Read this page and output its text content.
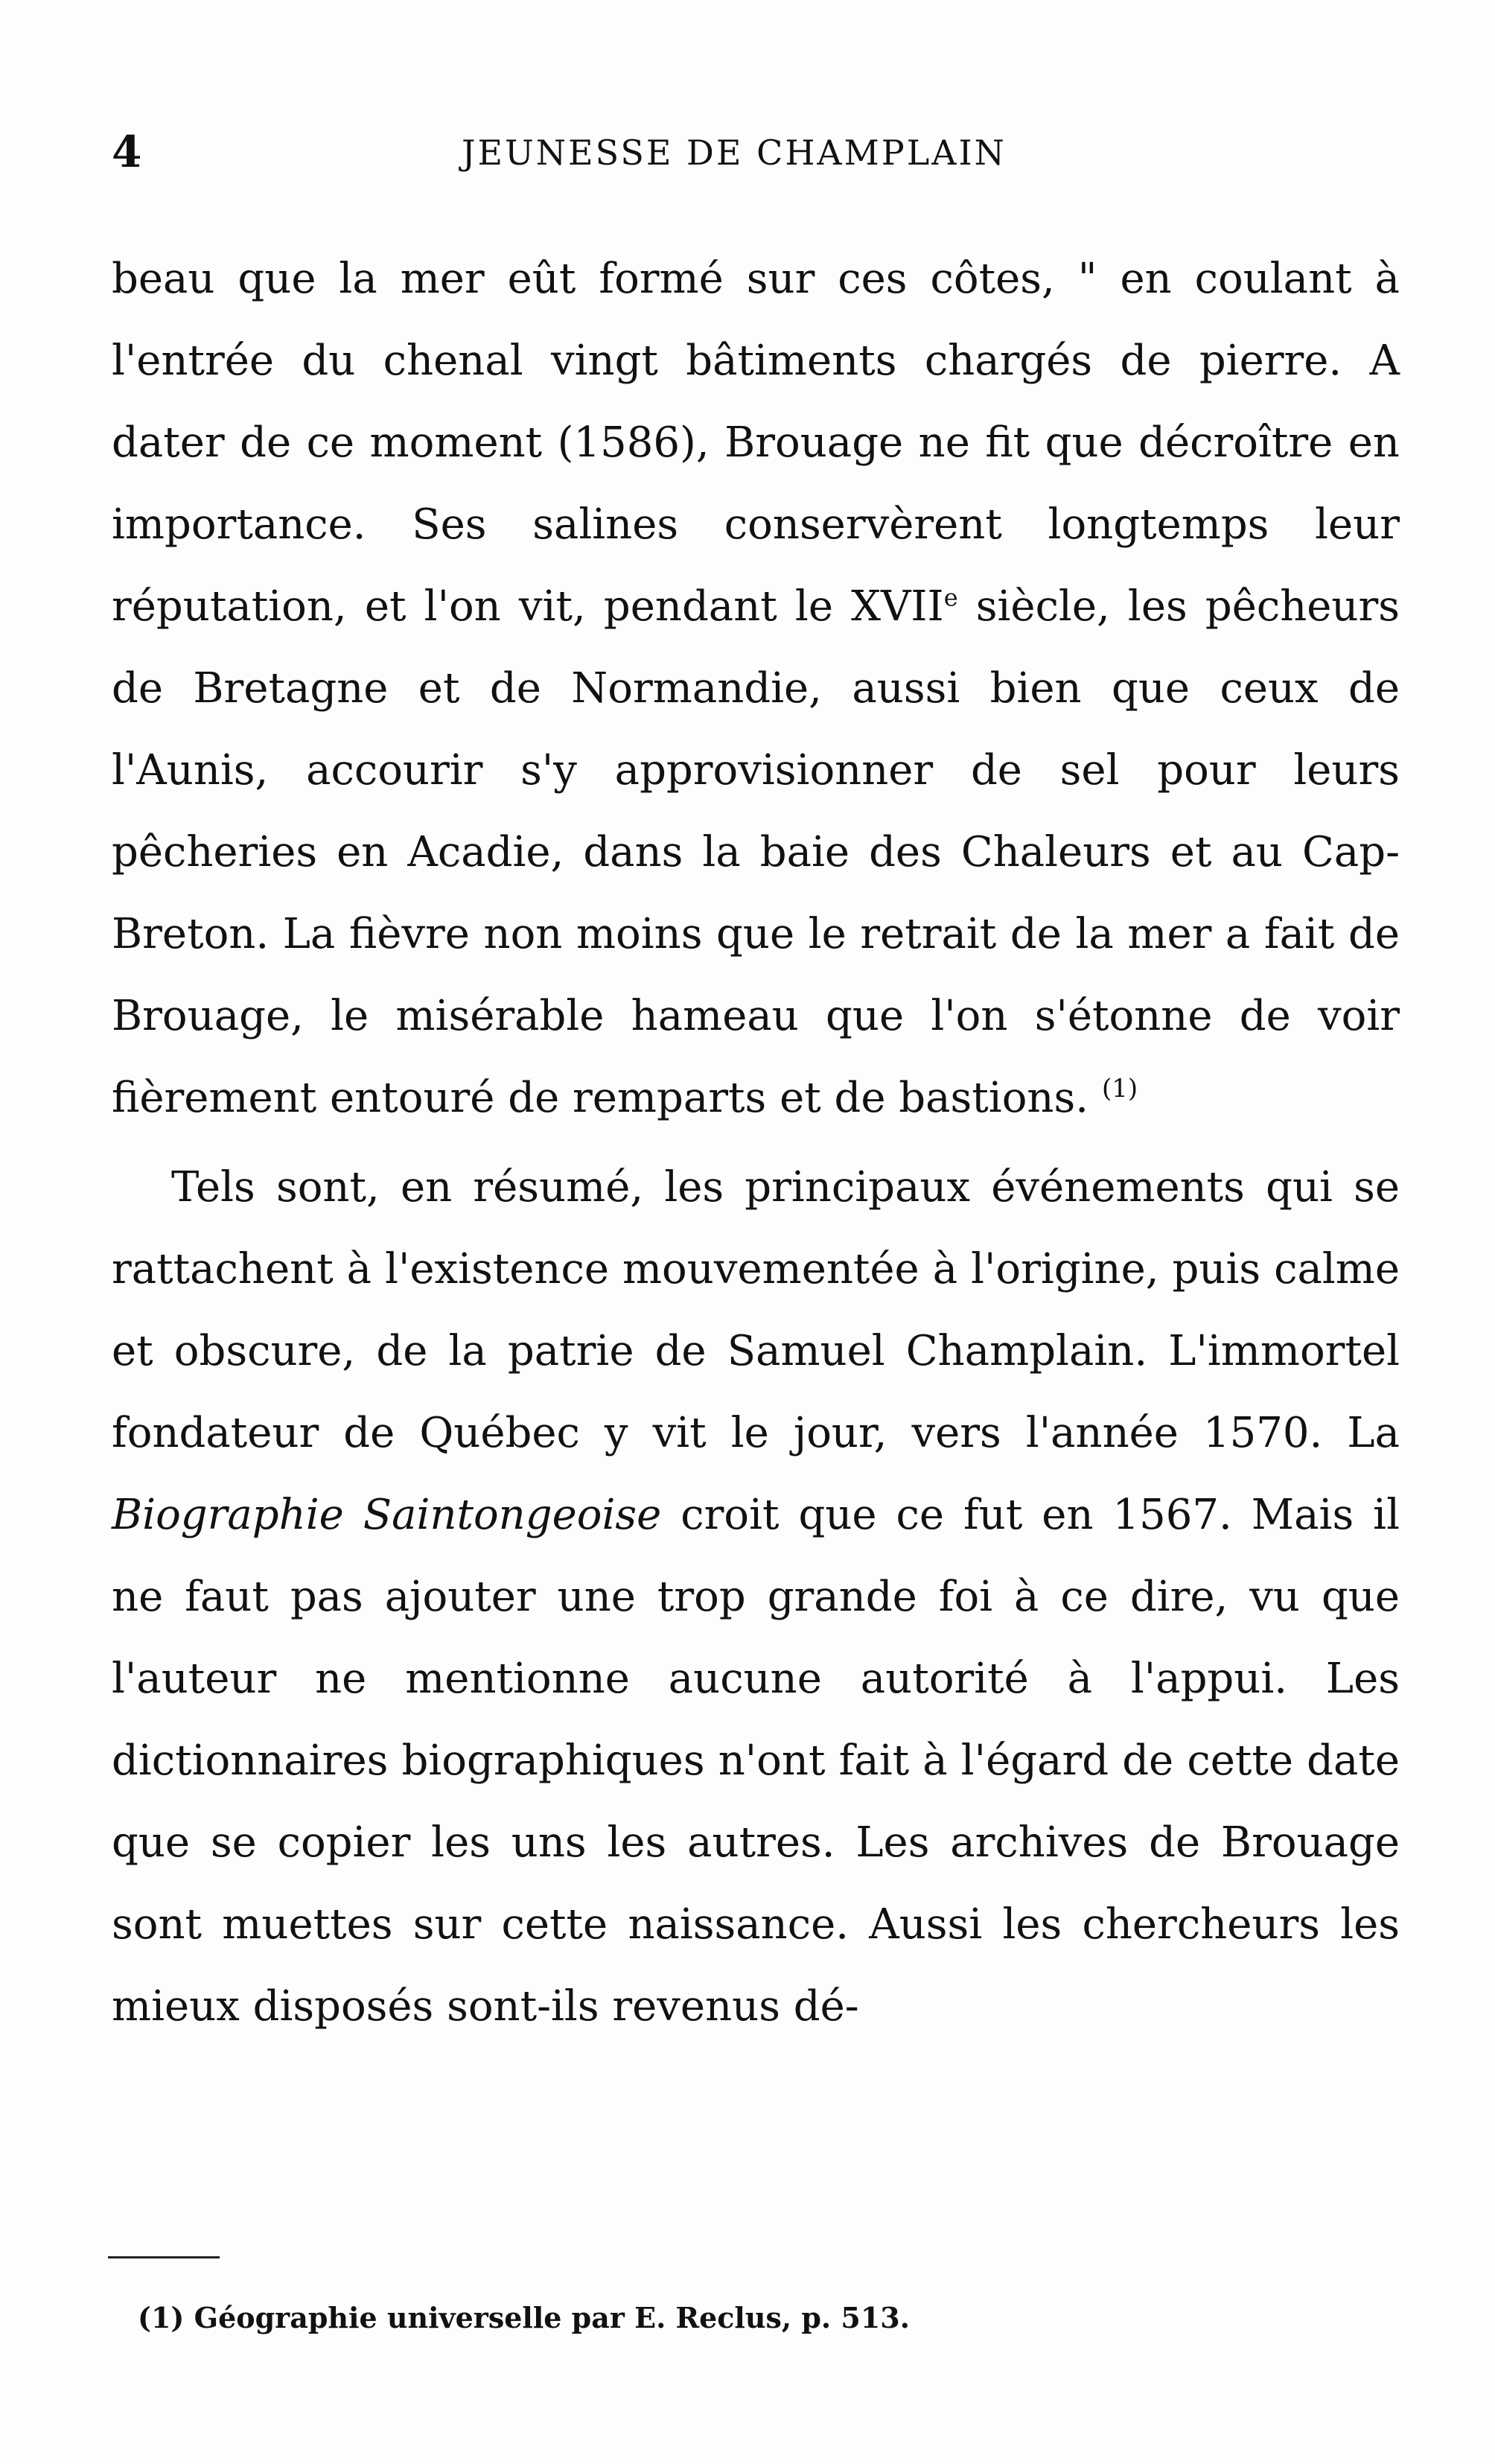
4	JEUNESSE DE CHAMPLAIN

beau que la mer eût formé sur ces côtes, " en coulant à l'entrée du chenal vingt bâtiments chargés de pierre. A dater de ce moment (1586), Brouage ne fit que décroître en importance. Ses salines conservèrent longtemps leur réputation, et l'on vit, pendant le XVIIe siècle, les pêcheurs de Bretagne et de Normandie, aussi bien que ceux de l'Aunis, accourir s'y approvisionner de sel pour leurs pêcheries en Acadie, dans la baie des Chaleurs et au Cap-Breton. La fièvre non moins que le retrait de la mer a fait de Brouage, le misérable hameau que l'on s'étonne de voir fièrement entouré de remparts et de bastions. $^{(1)}$

Tels sont, en résumé, les principaux événements qui se rattachent à l'existence mouvementée à l'origine, puis calme et obscure, de la patrie de Samuel Champlain. L'immortel fondateur de Québec y vit le jour, vers l'année 1570. La Biographie Saintongeoise croit que ce fut en 1567. Mais il ne faut pas ajouter une trop grande foi à ce dire, vu que l'auteur ne mentionne aucune autorité à l'appui. Les dictionnaires biographiques n'ont fait à l'égard de cette date que se copier les uns les autres. Les archives de Brouage sont muettes sur cette naissance. Aussi les chercheurs les mieux disposés sont-ils revenus dé-

(1) Géographie universelle par E. Reclus, p. 513.
